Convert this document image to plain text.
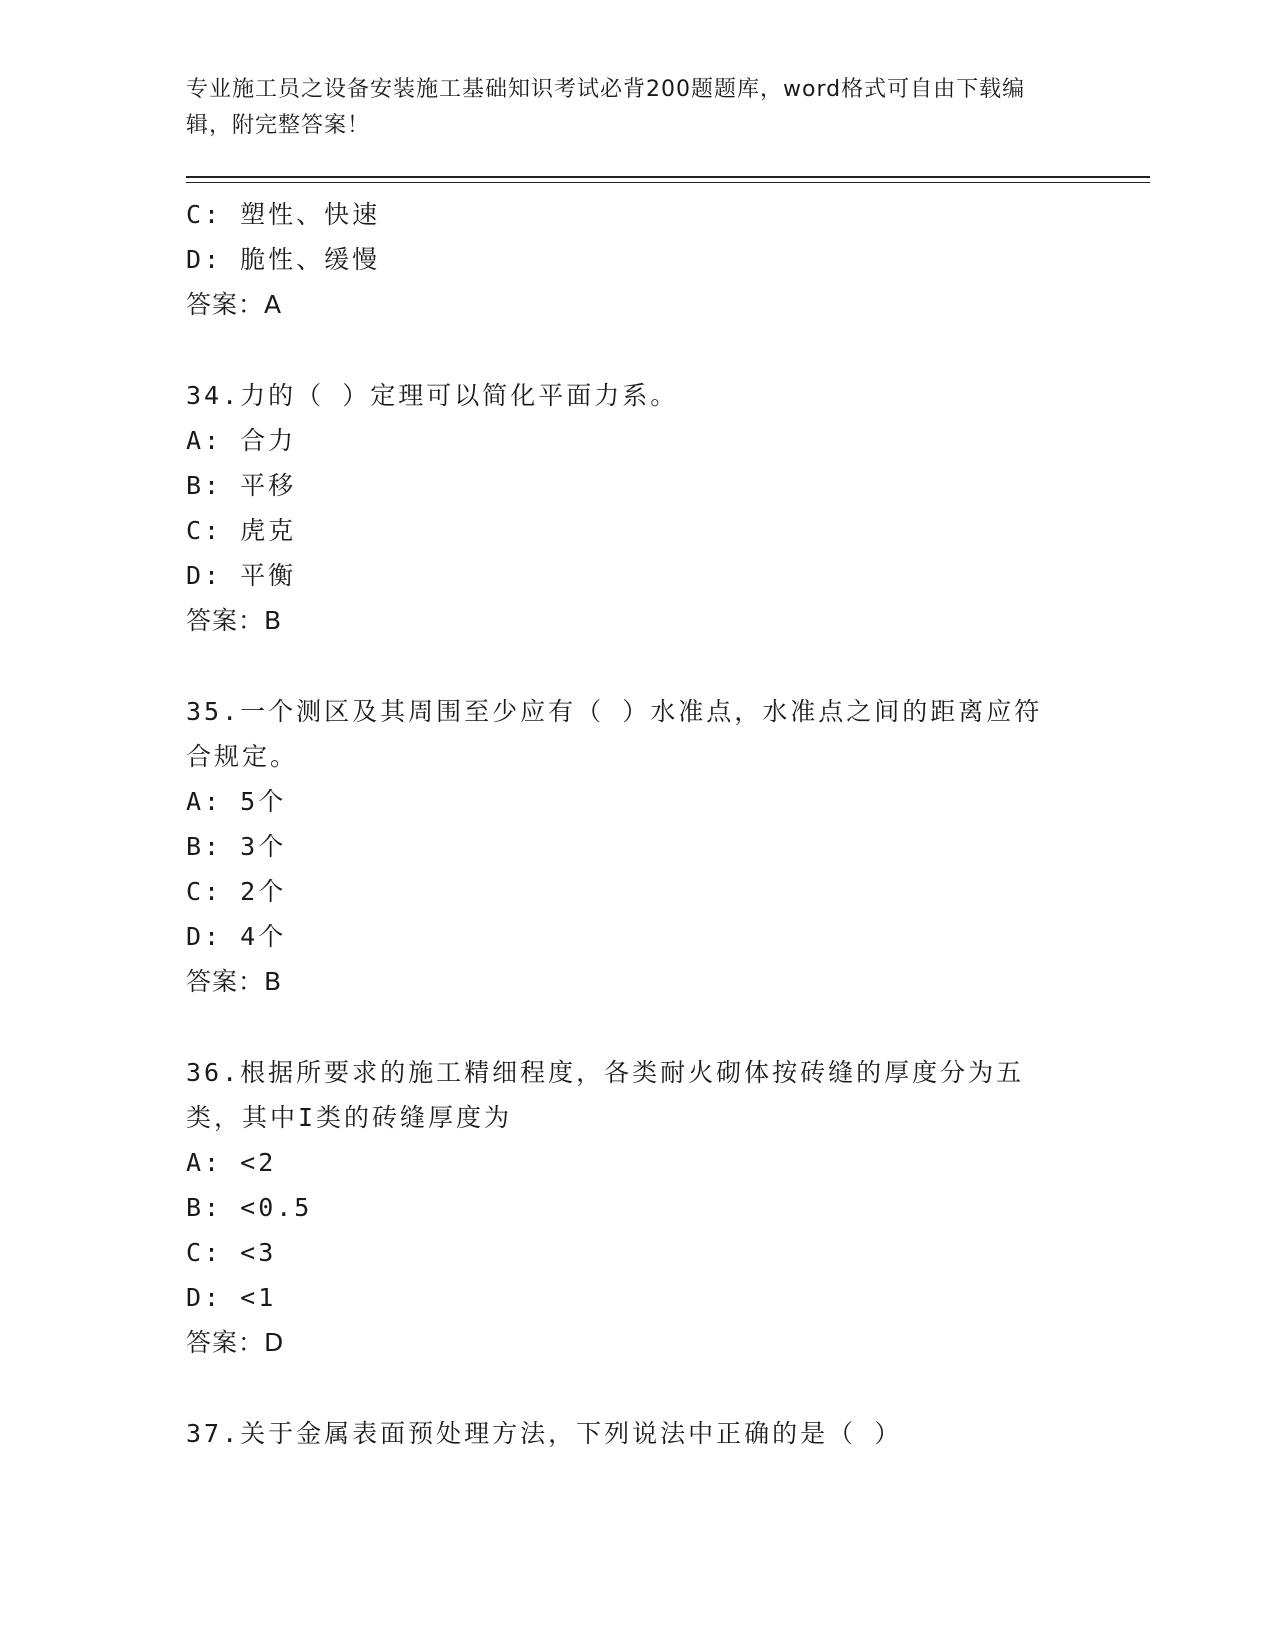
专业施工员之设备安装施工基础知识考试必背200题题库，word格式可自由下载编辑，附完整答案！
C: 塑性、快速
D: 脆性、缓慢
答案：A
34.力的（ ）定理可以简化平面力系。
A: 合力
B: 平移
C: 虎克
D: 平衡
答案：B
35.一个测区及其周围至少应有（ ）水准点，水准点之间的距离应符合规定。
A: 5个
B: 3个
C: 2个
D: 4个
答案：B
36.根据所要求的施工精细程度，各类耐火砌体按砖缝的厚度分为五类，其中I类的砖缝厚度为
A: <2
B: <0.5
C: <3
D: <1
答案：D
37.关于金属表面预处理方法，下列说法中正确的是（ ）
